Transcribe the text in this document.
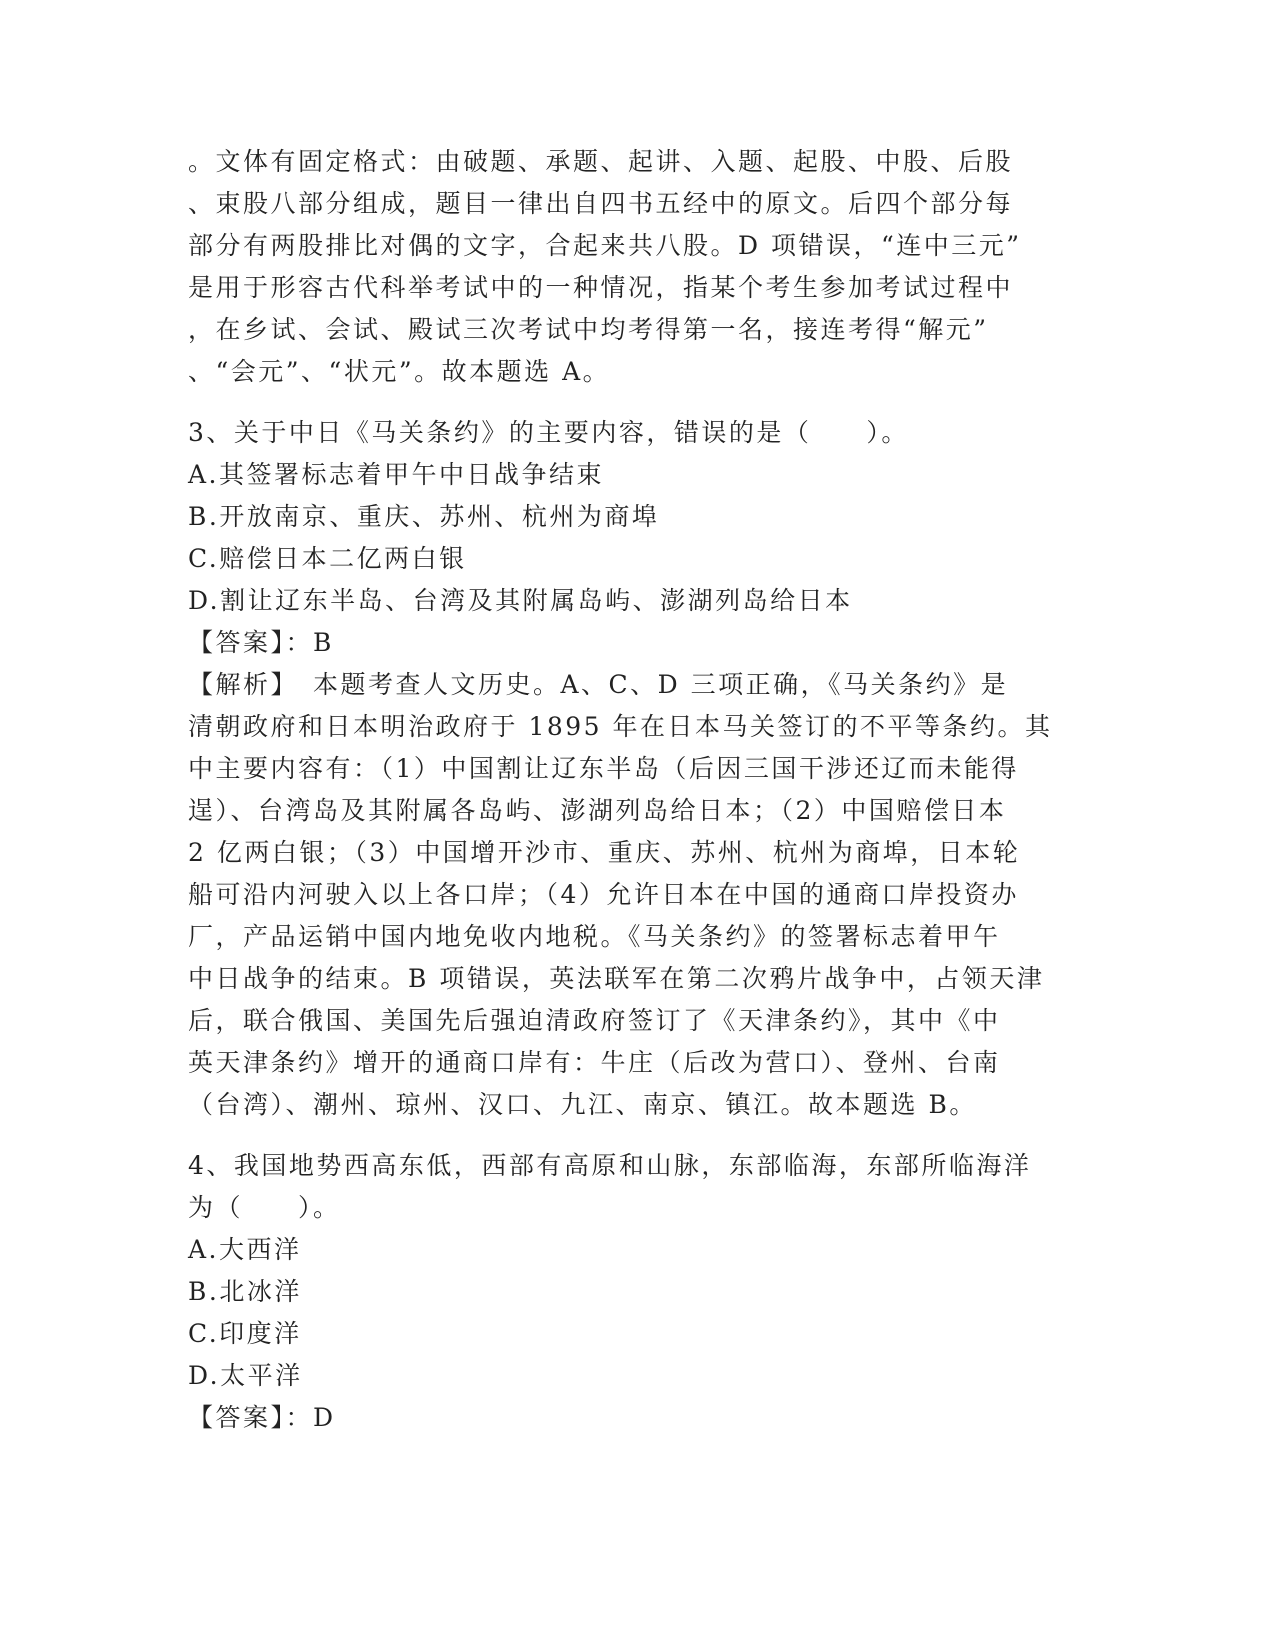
。文体有固定格式：由破题、承题、起讲、入题、起股、中股、后股
、束股八部分组成，题目一律出自四书五经中的原文。后四个部分每
部分有两股排比对偶的文字，合起来共八股。D 项错误，“连中三元”
是用于形容古代科举考试中的一种情况，指某个考生参加考试过程中
，在乡试、会试、殿试三次考试中均考得第一名，接连考得“解元”
、“会元”、“状元”。故本题选 A。
3、关于中日《马关条约》的主要内容，错误的是（　　）。
A.其签署标志着甲午中日战争结束
B.开放南京、重庆、苏州、杭州为商埠
C.赔偿日本二亿两白银
D.割让辽东半岛、台湾及其附属岛屿、澎湖列岛给日本
【答案】：B
【解析】　本题考查人文历史。A、C、D 三项正确，《马关条约》是
清朝政府和日本明治政府于 1895 年在日本马关签订的不平等条约。其
中主要内容有：（1）中国割让辽东半岛（后因三国干涉还辽而未能得
逞）、台湾岛及其附属各岛屿、澎湖列岛给日本；（2）中国赔偿日本
2 亿两白银；（3）中国增开沙市、重庆、苏州、杭州为商埠，日本轮
船可沿内河驶入以上各口岸；（4）允许日本在中国的通商口岸投资办
厂，产品运销中国内地免收内地税。《马关条约》的签署标志着甲午
中日战争的结束。B 项错误，英法联军在第二次鸦片战争中，占领天津
后，联合俄国、美国先后强迫清政府签订了《天津条约》，其中《中
英天津条约》增开的通商口岸有：牛庄（后改为营口）、登州、台南
（台湾）、潮州、琼州、汉口、九江、南京、镇江。故本题选 B。
4、我国地势西高东低，西部有高原和山脉，东部临海，东部所临海洋
为（　　）。
A.大西洋
B.北冰洋
C.印度洋
D.太平洋
【答案】：D
